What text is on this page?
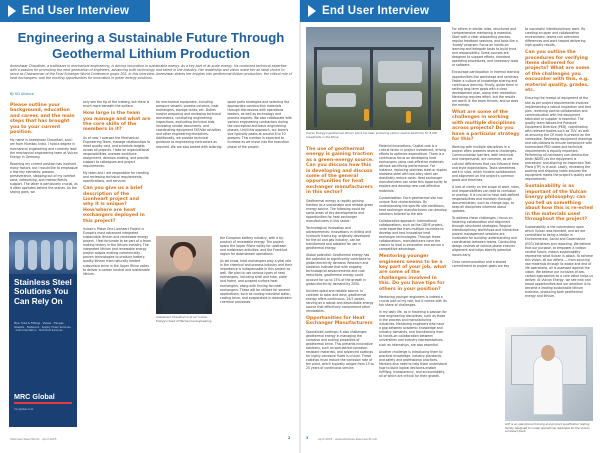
End User Interview
Engineering a Sustainable Future Through Geothermal Lithium Production
Aneeshwar Chaudhari, a trailblazer in mechanical engineering, is driving innovation in sustainable energy. As a key part of at-scale energy, his combined technical expertise with a passion for promoting the next generation of engineers, advancing both technology and talent in the industry. Her leadership and vision make her an ideal choice to serve as Chairwoman of the Final Schaeger World Conference grupo 202. In this interview, Aneeshwar shares her insights into geothermal lithium production, the critical role of heat exchangers, and the exciting opportunities for innovation in green energy solutions.
By KCI Alliance
Please outline your background, education and career, and the main steps that has brought you to your current position.

My name is Aneeshwar Chaudhari, and I am from Mumbai, India. I hold a degree in mechanical engineering and currently lead the mechanical engineering team at Vulcan Energy in Germany.

Reaching my current position has involved many factors, but I would like to emphasize a few key elements: passion, perseverance, stepping out of my comfort zone, networking, and mentor/family support. The latter is particularly crucial, as it often operates behind the scenes. As the saying goes, we

Stainless Steel Solutions You Can Rely On
Pipe, Tube & Fittings · Valves · Flanges · Gaskets · Fasteners · Supply Chain Services · Instrumentation · Technical Services
MRC Global
mrcglobal.com

only see the tip of the iceberg, but there is much more beneath the surface.

How large is the team you manage and what are the core skills of the members in it?

As of now, I oversee the Mechanical Engineering Team, manage relationships to meet quality cost, and schedule targets across all projects. I take on organizational responsibilities, oversee workforce assignment, decision-making, and provide support to colleagues and project requirements.

My team and I are responsible for creating and reviewing technical requirements, specifications, and services

Can you give us a brief description of the Lionheart project and why it is unique? How/where are heat exchangers deployed in this project?

Vulcan's Phase One Lionheart Project is Europe's most advanced integrated sustainable lithium and renewable energy project. I feel fortunate to be part of a team making history in the lithium industry. The integrated lithium and renewable energy project adapts existing commercially proven technologies to produce battery-quality lithium from naturally heated subsurface brine in the Upper Rhine valley to deliver a carbon neutral and sustainable lithium.

for mechanical equipment, including pressure vessels, process columns, heat exchangers, storage tanks, etc. Duties involve preparing and reviewing technical documents, conducting engineering inspections, evaluating technical bids, reviewing vendor documents, and coordinating equipment FAT/site activities and other engineering disciplines. Additionally, we provide technical guidance to engineering contractors as required. We are also tasked with tailoring spare parts strategies and selecting the appropriate construction materials through discussions with operations leaders, as well as technology and process experts. We also collaborate with various engineering contractors during the conceptual and basic engineering phases. Until this approach, our team's size typically peaks at around 8 to 10 growers. This number is expected to increase as we move into the execution phase of the project.

Aneeshwar Chaudhari is at our Vulcan Energy's head of Mechanical engineering

the European battery industry, with a by-product of renewable energy. The project spans the Upper Rhine valley for upstream and midstream activities, and the Frankfurt region for downstream operations.

As we know, heat exchangers play a vital role in the chemical and process industry and their importance is indispensable in this project as well. We plan to use various types of heat exchangers, including shell and tube, plate and frame, and scraped surface heat exchangers, along with finning fan heat exchangers. These will be utilized for several applications, such as cooling industrial water, cooling brine, and evaporators in downstream chemical processes.

Stainless Steel World · April 2025	2
End User Interview
Vulcan Energy's geothermal lithium plant has been producing carbon neutral electricity for 8,000 households in the Rhine.
The use of geothermal energy is gaining traction as a green-energy source. Can you discuss how this is developing and discuss some of the general opportunities for heat exchanger manufacturers in this sector?

Geothermal energy is rapidly gaining traction as a sustainable and reliable green energy source. The following could be some areas of key developments and opportunities for heat exchanger manufacturers in this sector:

Technological Innovation and advancements: Innovations in drilling and hydraulic fracturing, originally developed for the oil and gas industry, can be transformed and adapted for use in geothermal energy.

Global potential: Geothermal energy has the potential to significantly contribute to global electricity demand. Research and statistics indicate that with ongoing technological advancements and cost reductions, geothermal energy could account for up to 15% of the growth in global electricity demand by 2050.

Uninterrupted and reliable source: In contrast to solar and wind, geothermal energy offers continuous, 24/7 power, serving as a robust and dependable energy source that effectively complement other renewables.

Opportunities for Heat Exchanger Manufacturers

Specialized coatings: It also challenges geothermal energy in managing the corrosive and scaling properties of geothermal brine. This presents innovative solutions, such as specialized corrosion-resistant materials, and advanced coatings for highly corrosive fluids is crucial. These coatings must reduce the corrosion rate of the plant, which typically ranges from 15 to 20 years of continuous service.

Material innovations: Capital cost is a critical factor in project investment, driving efforts to optimize expenditure. There is a continuous focus on developing heat exchangers using cost-effective materials without sacrificing performance. For instance, replacing stainless steel or duplex stainless steel with low-alloy steel can drastically reduce costs. Heat exchanger manufacturers can seize this opportunity to explore and develop new cost-effective materials.

Customization: Each geothermal site has unique fluid characteristics. By understanding the specific site conditions, heat exchanger manufacturers can develop solutions tailored to the site.

Collaborative approach: International collaborations, such as the GDHE project, unite expertise from multiple countries to develop and test innovative heat exchanger technologies. Through these collaborations, manufacturers have the chance to lead in innovation and secure a competitive advantage.

Mentoring younger engineers seems to be a key part of your job, what are some of the challenges involved in this. Do you have tips for others in your position?

Mentoring younger engineers is indeed a crucial part of my role, but it comes with its fair share of challenges.

In my daily life, as in fostering a passion for new engineering disciplines, such as those in the process and manufacturing industries. Mentoring engineers who have a gap between academic knowledge and industry demands, and transitioning from to hands-on collaboration between universities and industry representatives, such as internships, are also essential.

Another challenge is introducing them to practical knowledge, industry standards, and safety and professional practices. Mentors also need to help them understand how to build logical decisions-enable fulfilling, transparency, and accountability, all of which are critical for their growth.

For others in similar roles, structured and comprehensive mentoring is essential. Start with a clear onboarding process, regular feedback sessions, and tools like a 'buddy' program. Focus on hands-on learning and delegate tasks to build trust and responsibility. Some courses are designed to support efforts, standard operating procedures, and necessary tools or software.

Encourage participation in internal learning opportunities like workshops and seminars. Foster a culture of knowledge sharing and continuous learning. Finally, guide them in setting long-term goals with a clear development plan, along their realization. Mentoring requires effort, but the results are worth it: the team thrives, and so does the mentor.

What are some of the challenges in working with multiple disciplines across projects? Do you have a particular strategy for this?

Working with multiple disciplines in a project often presents several challenges. Communication barriers, both technical and interpersonal, are common, as are cultural differences that can influence time and style expectations. Tasks sometimes work in silos, which hinders collaboration and alignment on the project's common goals and timelines.

A lack of clarity on the scope of work, roles, and responsibilities can lead to confusion or overlap. It is crucial to have well-defined responsibilities and maintain thorough documentation, such as change logs, to keep all disciplines informed about updates.

To address these challenges, I focus on fostering collaboration and alignment through structured strategies. Regular interdisciplinary workshops and interactive project management sessions are invaluable for building understanding and coordination between teams. Conducting design reviews at various phase ensures alignment and helps identify potential issues early.

Clear communication and a shared commitment to project goals are key

to successful interdisciplinary work. By creating an open and collaborative environment, teams can overcome differences and work toward delivering high-quality results.

Can you outline the procedures for verifying items delivered for projects? What are some of the challenges you encounter with this, e.g. material quality, grades, etc.

Ensuring the receipt of equipment at the site as per project requirements involves implementing a robust inspection and test plan, receiving control collaboration and communication with the equipment fabricator or supplier is essential. The quality team follows the Pressure Equipment Directive (PED), coordinating with relevant bodies such as TÜV, as well as ensuring the CE mark is present on the nameplate. Reviewing equipment drawings and calculations to ensure compliance with harmonized PED codes and technical requirements is equally important. Performing all necessary non-destructive tests (NDES) as the equipment is processed, and aligning an Inspection Test Plans (ITP) is crucial. Lastly, reviewing the packing and shipping notes ensures the equipment meets the project's quality and requirements.

Sustainability is as important of the Vulcan Energy philosophy; can you tell us something about how this is re-ected in the materials used throughout the project?

Sustainability is the cornerstone upon which Vulcan was founded, and we are committed to being a leader in Environmental, Social and Governance (ESG) initiatives and reporting. We believe that our purpose, to empower a carbon neutral future, means sustainability represents what Vulcan is about. To achieve this vision, all our efforts — from sourcing raw materials through to waste and end of life operations, all is assessed against the vision. We believe our inclusion of low-carbon approaches as a core value helps us deliver. At Vulcan Energy, we see new and broad opportunities and our ambition is to become a leading sustainable lithium business, producing both geothermal energy and lithium.

LOP is an operational training and product qualification testing facility designed to model operational readiness for the Vulcan Lionheart plant.
3	April 2025 · www.stainless-steel-world.net
